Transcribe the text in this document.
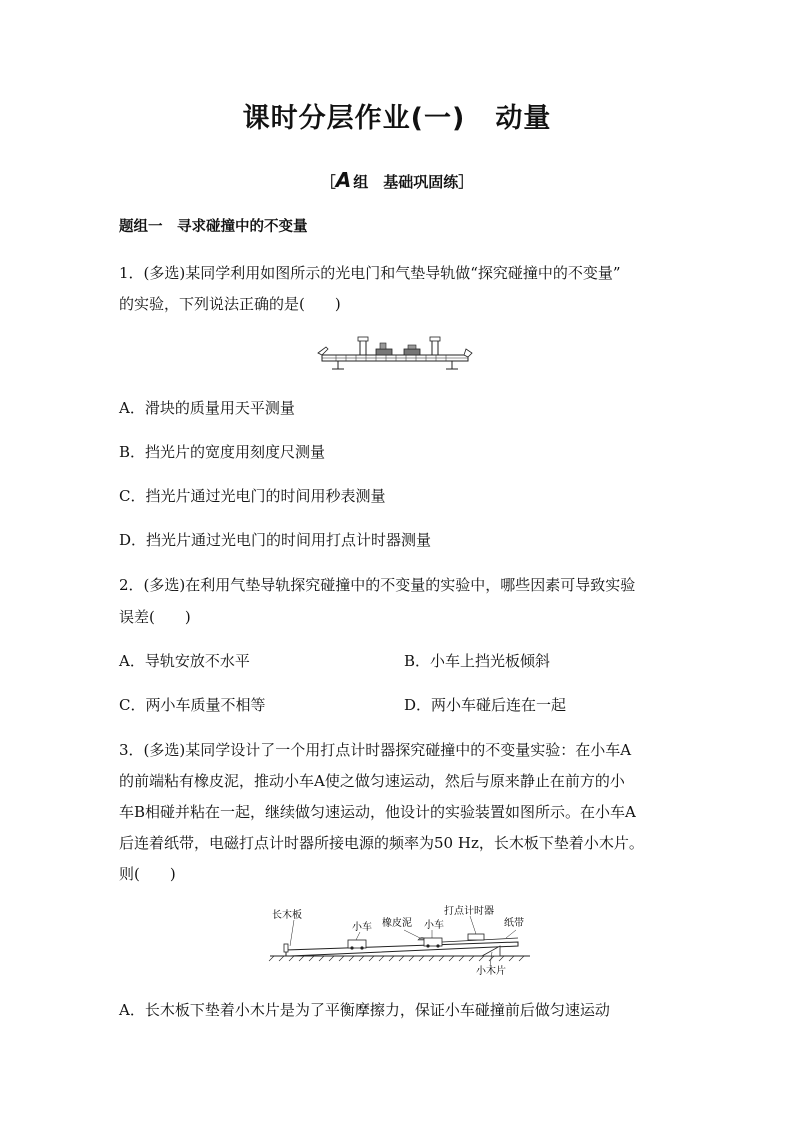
课时分层作业(一) 动量
［A 组　基础巩固练］
题组一　寻求碰撞中的不变量
1．(多选)某同学利用如图所示的光电门和气垫导轨做“探究碰撞中的不变量”
的实验，下列说法正确的是(　　)
A．滑块的质量用天平测量
B．挡光片的宽度用刻度尺测量
C．挡光片通过光电门的时间用秒表测量
D．挡光片通过光电门的时间用打点计时器测量
2．(多选)在利用气垫导轨探究碰撞中的不变量的实验中，哪些因素可导致实验
误差(　　)
A．导轨安放不水平	B．小车上挡光板倾斜
C．两小车质量不相等	D．两小车碰后连在一起
3．(多选)某同学设计了一个用打点计时器探究碰撞中的不变量实验：在小车A
的前端粘有橡皮泥，推动小车A使之做匀速运动，然后与原来静止在前方的小
车B相碰并粘在一起，继续做匀速运动，他设计的实验装置如图所示。在小车A
后连着纸带，电磁打点计时器所接电源的频率为50 Hz，长木板下垫着小木片。
则(　　)
长木板
小车 橡皮泥 小车
打点计时器
纸带
小木片
A．长木板下垫着小木片是为了平衡摩擦力，保证小车碰撞前后做匀速运动
